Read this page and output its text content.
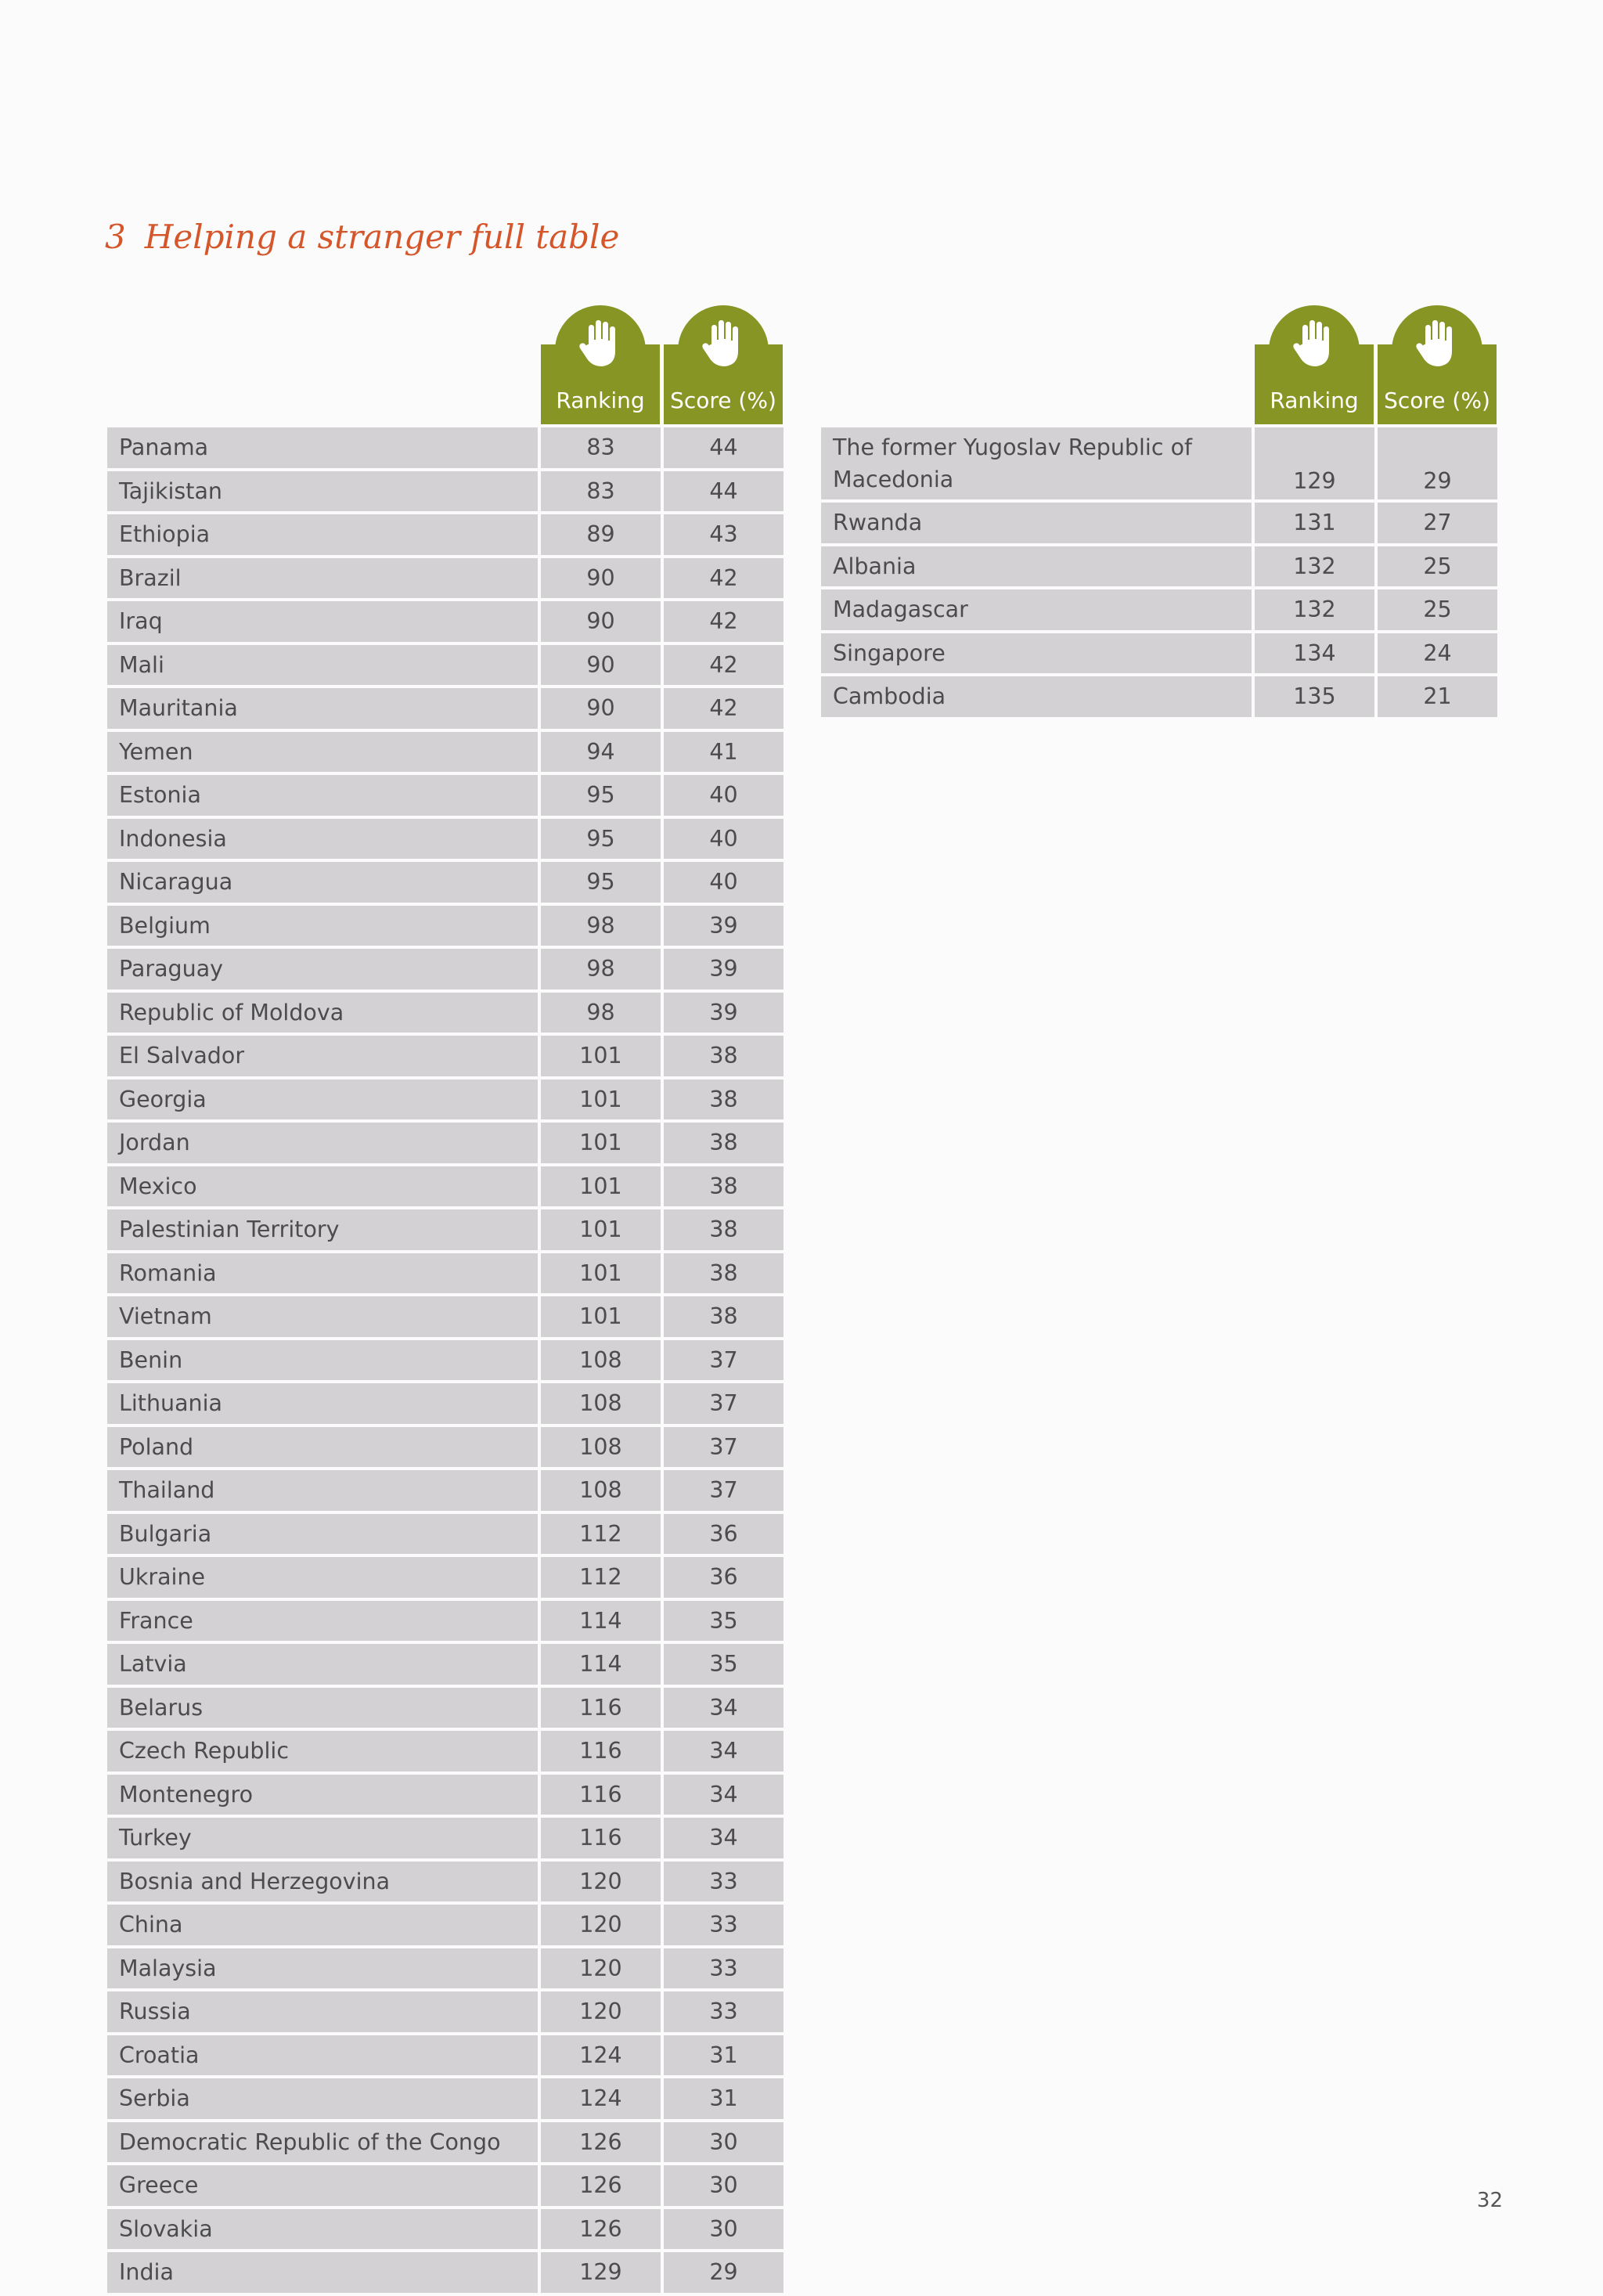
3 Helping a stranger full table
Ranking Score (%)
Panama	83	44
Tajikistan	83	44
Ethiopia	89	43
Brazil	90	42
Iraq	90	42
Mali	90	42
Mauritania	90	42
Yemen	94	41
Estonia	95	40
Indonesia	95	40
Nicaragua	95	40
Belgium	98	39
Paraguay	98	39
Republic of Moldova	98	39
El Salvador	101	38
Georgia	101	38
Jordan	101	38
Mexico	101	38
Palestinian Territory	101	38
Romania	101	38
Vietnam	101	38
Benin	108	37
Lithuania	108	37
Poland	108	37
Thailand	108	37
Bulgaria	112	36
Ukraine	112	36
France	114	35
Latvia	114	35
Belarus	116	34
Czech Republic	116	34
Montenegro	116	34
Turkey	116	34
Bosnia and Herzegovina	120	33
China	120	33
Malaysia	120	33
Russia	120	33
Croatia	124	31
Serbia	124	31
Democratic Republic of the Congo	126	30
Greece	126	30
Slovakia	126	30
India	129	29
Ranking Score (%)
The former Yugoslav Republic of Macedonia	129	29
Rwanda	131	27
Albania	132	25
Madagascar	132	25
Singapore	134	24
Cambodia	135	21
32
